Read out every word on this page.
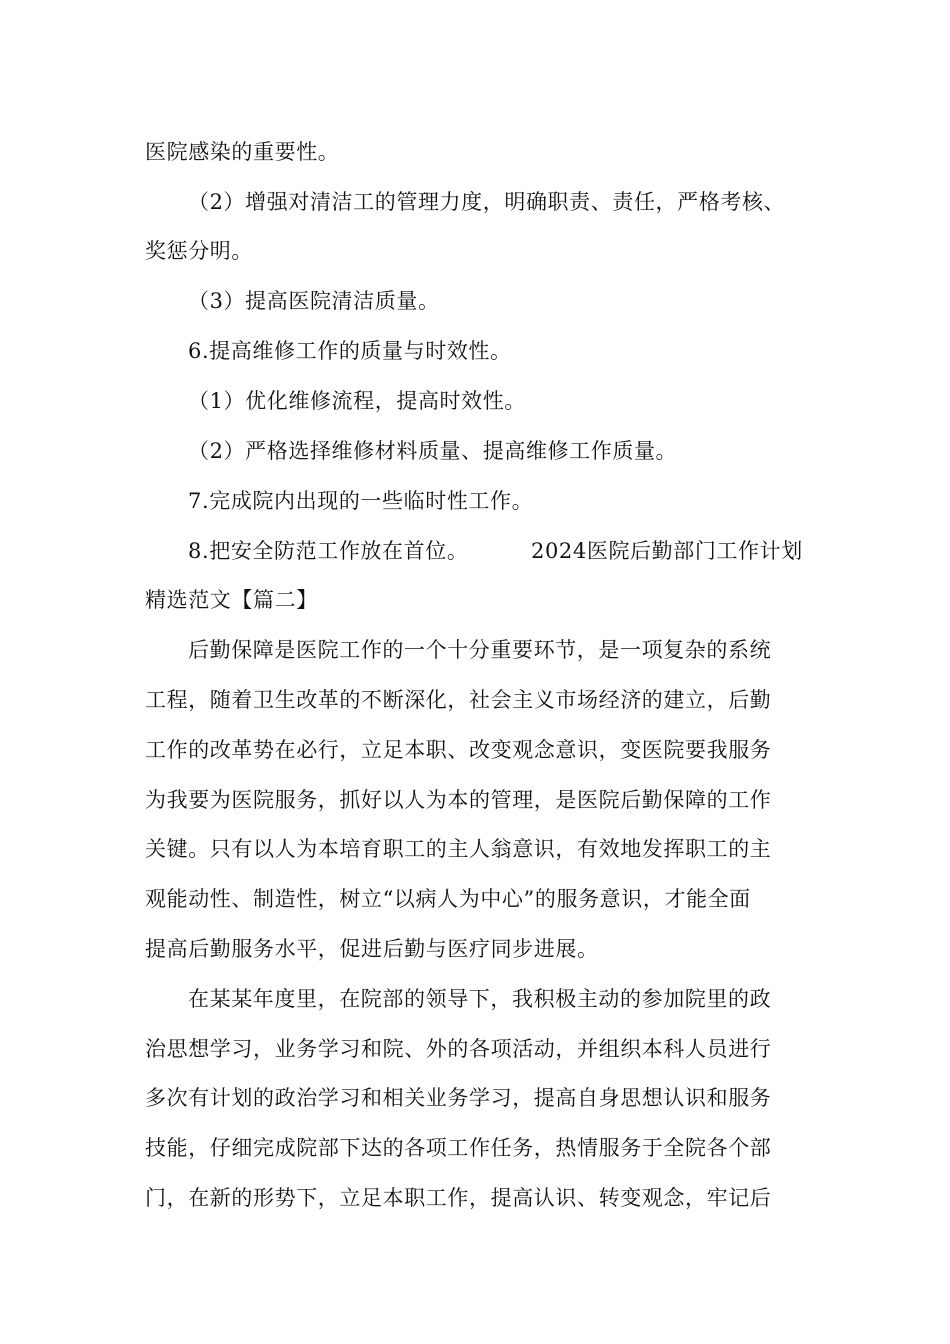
医院感染的重要性。
（2）增强对清洁工的管理力度，明确职责、责任，严格考核、
奖惩分明。
（3）提高医院清洁质量。
6.提高维修工作的质量与时效性。
（1）优化维修流程，提高时效性。
（2）严格选择维修材料质量、提高维修工作质量。
7.完成院内出现的一些临时性工作。
8.把安全防范工作放在首位。	2024医院后勤部门工作计划
精选范文【篇二】
后勤保障是医院工作的一个十分重要环节，是一项复杂的系统
工程，随着卫生改革的不断深化，社会主义市场经济的建立，后勤
工作的改革势在必行，立足本职、改变观念意识，变医院要我服务
为我要为医院服务，抓好以人为本的管理，是医院后勤保障的工作
关键。只有以人为本培育职工的主人翁意识，有效地发挥职工的主
观能动性、制造性，树立“以病人为中心”的服务意识，才能全面
提高后勤服务水平，促进后勤与医疗同步进展。
在某某年度里，在院部的领导下，我积极主动的参加院里的政
治思想学习，业务学习和院、外的各项活动，并组织本科人员进行
多次有计划的政治学习和相关业务学习，提高自身思想认识和服务
技能，仔细完成院部下达的各项工作任务，热情服务于全院各个部
门，在新的形势下，立足本职工作，提高认识、转变观念，牢记后
